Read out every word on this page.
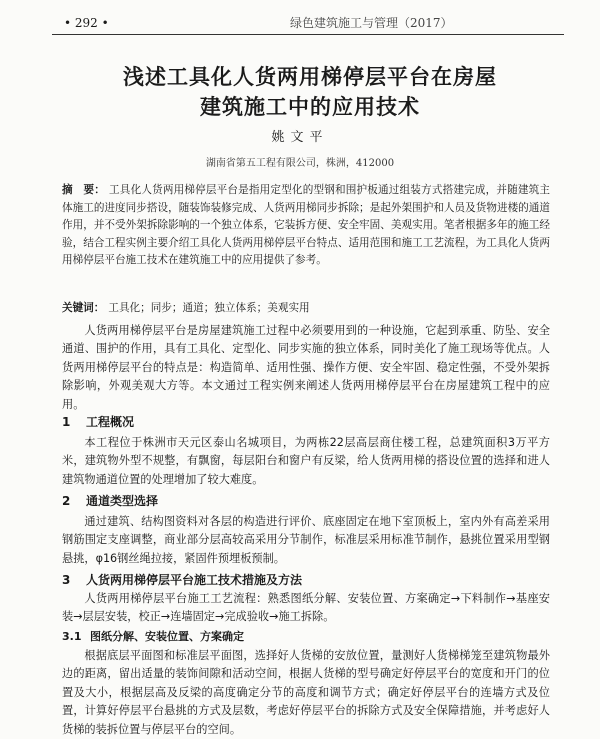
• 292 •	绿色建筑施工与管理（2017）
浅述工具化人货两用梯停层平台在房屋
建筑施工中的应用技术
姚文平
湖南省第五工程有限公司，株洲，412000
摘　要： 工具化人货两用梯停层平台是指用定型化的型钢和围护板通过组装方式搭建完成，并随建筑主体施工的进度同步搭设，随装饰装修完成、人货两用梯同步拆除；是起外架围护和人员及货物进楼的通道作用，并不受外架拆除影响的一个独立体系，它装拆方便、安全牢固、美观实用。笔者根据多年的施工经验，结合工程实例主要介绍工具化人货两用梯停层平台特点、适用范围和施工工艺流程，为工具化人货两用梯停层平台施工技术在建筑施工中的应用提供了参考。
关键词： 工具化；同步；通道；独立体系；美观实用

人货两用梯停层平台是房屋建筑施工过程中必须要用到的一种设施，它起到承重、防坠、安全通道、围护的作用，具有工具化、定型化、同步实施的独立体系，同时美化了施工现场等优点。人货两用梯停层平台的特点是：构造简单、适用性强、操作方便、安全牢固、稳定性强，不受外架拆除影响，外观美观大方等。本文通过工程实例来阐述人货两用梯停层平台在房屋建筑工程中的应用。

1 工程概况

本工程位于株洲市天元区泰山名城项目，为两栋22层高层商住楼工程，总建筑面积3万平方米，建筑物外型不规整，有飘窗，每层阳台和窗户有反梁，给人货两用梯的搭设位置的选择和进人建筑物通道位置的处理增加了较大难度。

2 通道类型选择

通过建筑、结构图资料对各层的构造进行评价、底座固定在地下室顶板上，室内外有高差采用钢筋围定支座调整，商业部分层高较高采用分节制作，标准层采用标准节制作，悬挑位置采用型钢悬挑，φ16钢丝绳拉接，紧固件预埋板预制。

3 人货两用梯停层平台施工技术措施及方法

人货两用梯停层平台施工工艺流程：熟悉图纸分解、安装位置、方案确定→下料制作→基座安装→层层安装，校正→连墙固定→完成验收→施工拆除。

3.1 图纸分解、安装位置、方案确定

根据底层平面图和标准层平面图，选择好人货梯的安放位置，量测好人货梯梯笼至建筑物最外边的距离，留出适量的装饰间隙和活动空间，根据人货梯的型号确定好停层平台的宽度和开门的位置及大小，根据层高及反梁的高度确定分节的高度和调节方式；确定好停层平台的连墙方式及位置，计算好停层平台悬挑的方式及层数，考虑好停层平台的拆除方式及安全保障措施，并考虑好人货梯的装拆位置与停层平台的空间。
